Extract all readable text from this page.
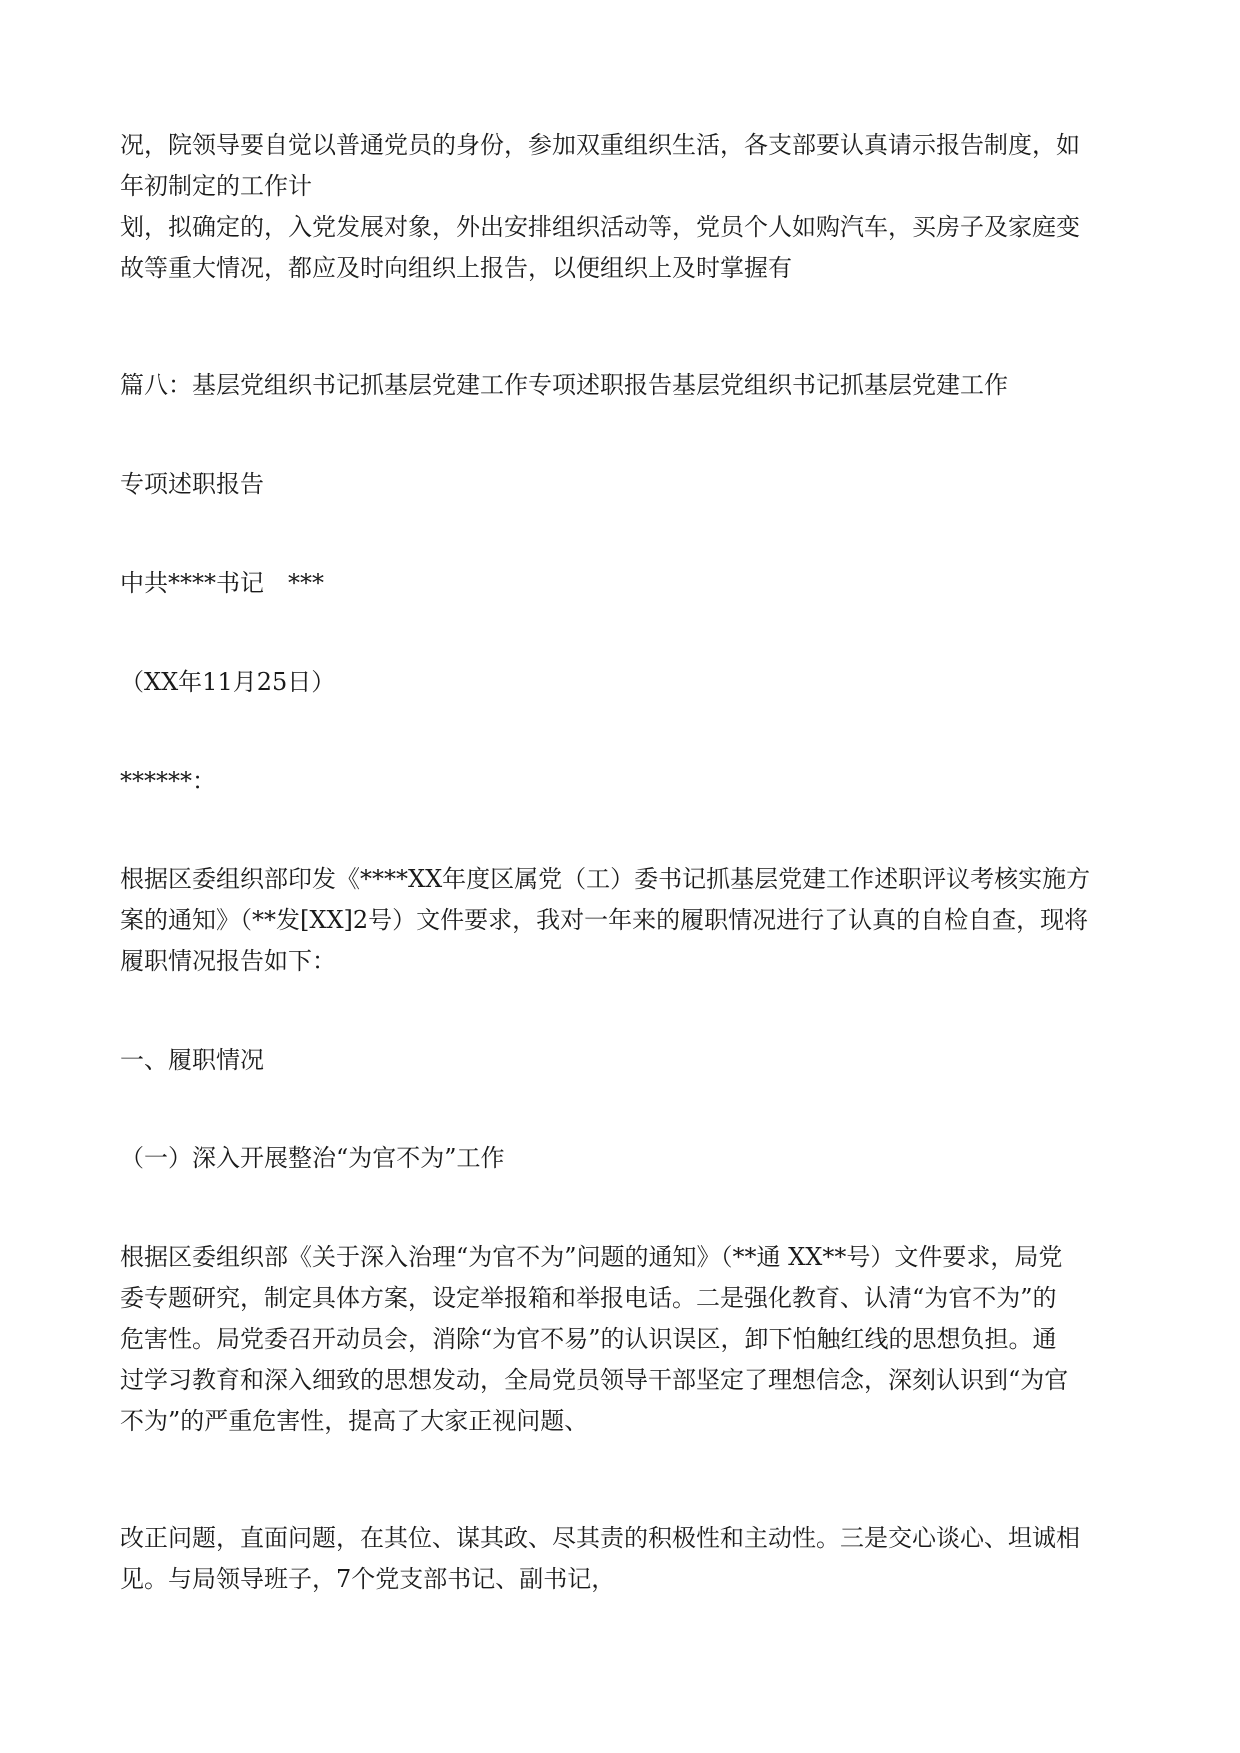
况，院领导要自觉以普通党员的身份，参加双重组织生活，各支部要认真请示报告制度，如
年初制定的工作计
划，拟确定的，入党发展对象，外出安排组织活动等，党员个人如购汽车，买房子及家庭变
故等重大情况，都应及时向组织上报告，以便组织上及时掌握有
篇八：基层党组织书记抓基层党建工作专项述职报告基层党组织书记抓基层党建工作
专项述职报告
中共****书记　***
（XX年11月25日）
******：
根据区委组织部印发《****XX年度区属党（工）委书记抓基层党建工作述职评议考核实施方
案的通知》（**发[XX]2号）文件要求，我对一年来的履职情况进行了认真的自检自查，现将
履职情况报告如下：
一、履职情况
（一）深入开展整治“为官不为”工作
根据区委组织部《关于深入治理“为官不为”问题的通知》（**通 XX**号）文件要求，局党
委专题研究，制定具体方案，设定举报箱和举报电话。二是强化教育、认清“为官不为”的
危害性。局党委召开动员会，消除“为官不易”的认识误区，卸下怕触红线的思想负担。通
过学习教育和深入细致的思想发动，全局党员领导干部坚定了理想信念，深刻认识到“为官
不为”的严重危害性，提高了大家正视问题、
改正问题，直面问题，在其位、谋其政、尽其责的积极性和主动性。三是交心谈心、坦诚相
见。与局领导班子，7个党支部书记、副书记，
